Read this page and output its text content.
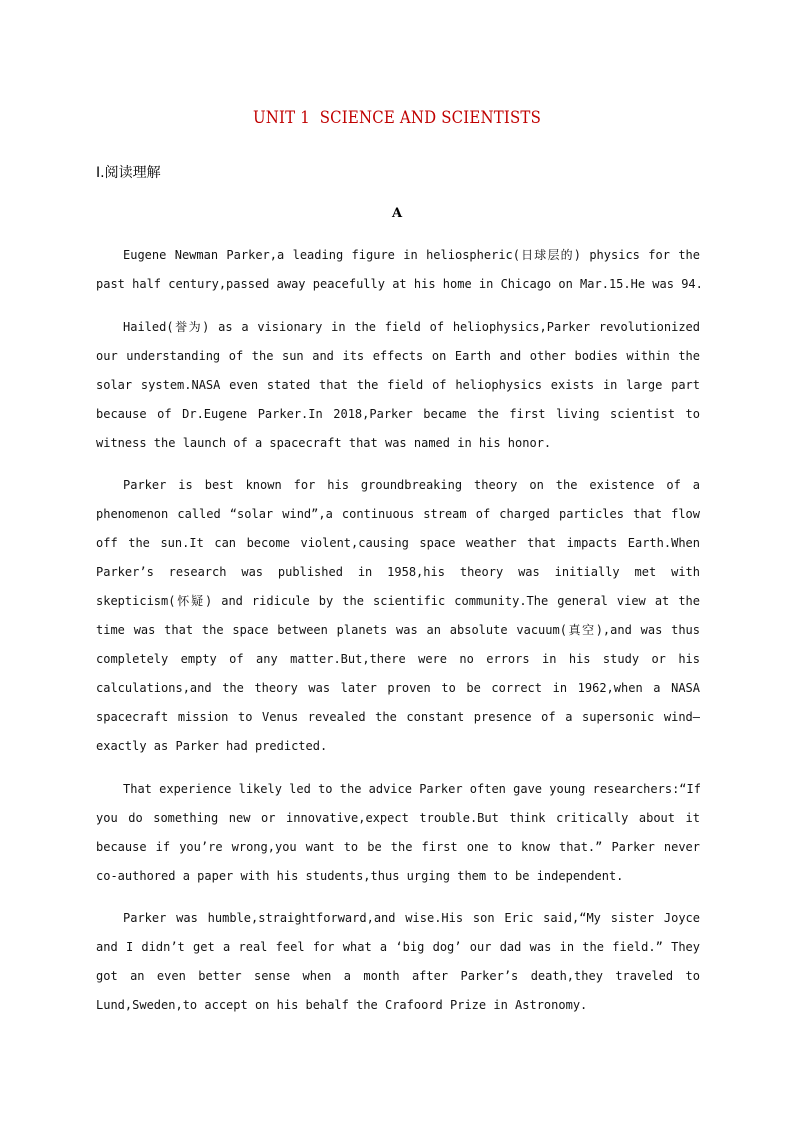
UNIT 1  SCIENCE AND SCIENTISTS
Ⅰ.阅读理解
A
Eugene Newman Parker,a leading figure in heliospheric(日球层的) physics for the
past half century,passed away peacefully at his home in Chicago on Mar.15.He was 94.
Hailed(誉为) as a visionary in the field of heliophysics,Parker revolutionized
our understanding of the sun and its effects on Earth and other bodies within the
solar system.NASA even stated that the field of heliophysics exists in large part
because of Dr.Eugene Parker.In 2018,Parker became the first living scientist to
witness the launch of a spacecraft that was named in his honor.
Parker is best known for his groundbreaking theory on the existence of a
phenomenon called “solar wind”,a continuous stream of charged particles that flow
off the sun.It can become violent,causing space weather that impacts Earth.When
Parker’s research was published in 1958,his theory was initially met with
skepticism(怀疑) and ridicule by the scientific community.The general view at the
time was that the space between planets was an absolute vacuum(真空),and was thus
completely empty of any matter.But,there were no errors in his study or his
calculations,and the theory was later proven to be correct in 1962,when a NASA
spacecraft mission to Venus revealed the constant presence of a supersonic wind—
exactly as Parker had predicted.
That experience likely led to the advice Parker often gave young researchers:“If
you do something new or innovative,expect trouble.But think critically about it
because if you’re wrong,you want to be the first one to know that.” Parker never
co-authored a paper with his students,thus urging them to be independent.
Parker was humble,straightforward,and wise.His son Eric said,“My sister Joyce
and I didn’t get a real feel for what a ‘big dog’ our dad was in the field.” They
got an even better sense when a month after Parker’s death,they traveled to
Lund,Sweden,to accept on his behalf the Crafoord Prize in Astronomy.
